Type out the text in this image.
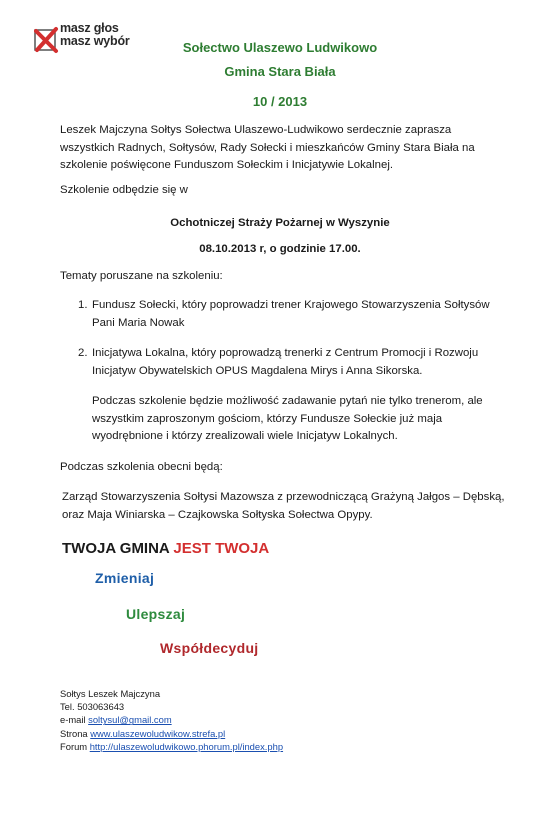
masz głos
masz wybór	Sołectwo Ulaszewo Ludwikowo
Gmina Stara Biała
10 / 2013
Leszek Majczyna Sołtys Sołectwa Ulaszewo-Ludwikowo serdecznie zaprasza
wszystkich Radnych, Sołtysów, Rady Sołecki i mieszkańców Gminy Stara Biała na
szkolenie poświęcone Funduszom Sołeckim i Inicjatywie Lokalnej.
Szkolenie odbędzie się w
Ochotniczej Straży Pożarnej w Wyszynie
08.10.2013 r, o godzinie 17.00.
Tematy poruszane na szkoleniu:
1. Fundusz Sołecki, który poprowadzi trener Krajowego Stowarzyszenia Sołtysów
Pani Maria Nowak
2. Inicjatywa Lokalna, który poprowadzą trenerki z Centrum Promocji i Rozwoju
Inicjatyw Obywatelskich OPUS Magdalena Mirys i Anna Sikorska.
Podczas szkolenie będzie możliwość zadawanie pytań nie tylko trenerom, ale
wszystkim zaproszonym gościom, którzy Fundusze Sołeckie już maja
wyodrębnione i którzy zrealizowali wiele Inicjatyw Lokalnych.
Podczas szkolenia obecni będą:
Zarząd Stowarzyszenia Sołtysi Mazowsza z przewodniczącą Grażyną Jałgos – Dębską,
oraz Maja Winiarska – Czajkowska Sołtyska Sołectwa Opypy.
TWOJA GMINA JEST TWOJA
Zmieniaj
Ulepszaj
Współdecyduj
Sołtys Leszek Majczyna
Tel. 503063643
e-mail soltysul@gmail.com
Strona www.ulaszewoludwikow.strefa.pl
Forum http://ulaszewoludwikowo.phorum.pl/index.php
